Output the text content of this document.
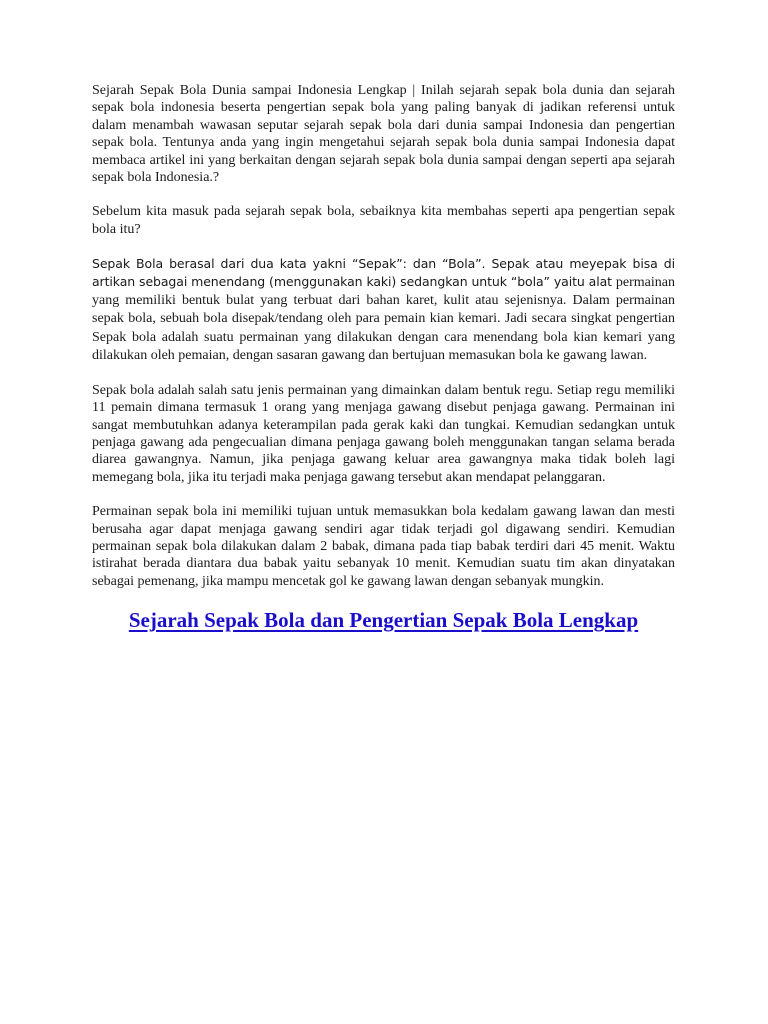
Sejarah Sepak Bola Dunia sampai Indonesia Lengkap | Inilah sejarah sepak bola dunia dan sejarah sepak bola indonesia beserta pengertian sepak bola yang paling banyak di jadikan referensi untuk dalam menambah wawasan seputar sejarah sepak bola dari dunia sampai Indonesia dan pengertian sepak bola. Tentunya anda yang ingin mengetahui sejarah sepak bola dunia sampai Indonesia dapat membaca artikel ini yang berkaitan dengan sejarah sepak bola dunia sampai dengan seperti apa sejarah sepak bola Indonesia.?

Sebelum kita masuk pada sejarah sepak bola, sebaiknya kita membahas seperti apa pengertian sepak bola itu?

Sepak Bola berasal dari dua kata yakni “Sepak”: dan “Bola”. Sepak atau meyepak bisa di artikan sebagai menendang (menggunakan kaki) sedangkan untuk “bola” yaitu alat permainan yang memiliki bentuk bulat yang terbuat dari bahan karet, kulit atau sejenisnya. Dalam permainan sepak bola, sebuah bola disepak/tendang oleh para pemain kian kemari. Jadi secara singkat pengertian Sepak bola adalah suatu permainan yang dilakukan dengan cara menendang bola kian kemari yang dilakukan oleh pemaian, dengan sasaran gawang dan bertujuan memasukan bola ke gawang lawan.

Sepak bola adalah salah satu jenis permainan yang dimainkan dalam bentuk regu. Setiap regu memiliki 11 pemain dimana termasuk 1 orang yang menjaga gawang disebut penjaga gawang. Permainan ini sangat membutuhkan adanya keterampilan pada gerak kaki dan tungkai. Kemudian sedangkan untuk penjaga gawang ada pengecualian dimana penjaga gawang boleh menggunakan tangan selama berada diarea gawangnya. Namun, jika penjaga gawang keluar area gawangnya maka tidak boleh lagi memegang bola, jika itu terjadi maka penjaga gawang tersebut akan mendapat pelanggaran.

Permainan sepak bola ini memiliki tujuan untuk memasukkan bola kedalam gawang lawan dan mesti berusaha agar dapat menjaga gawang sendiri agar tidak terjadi gol digawang sendiri. Kemudian permainan sepak bola dilakukan dalam 2 babak, dimana pada tiap babak terdiri dari 45 menit. Waktu istirahat berada diantara dua babak yaitu sebanyak 10 menit. Kemudian suatu tim akan dinyatakan sebagai pemenang, jika mampu mencetak gol ke gawang lawan dengan sebanyak mungkin.

Sejarah Sepak Bola dan Pengertian Sepak Bola Lengkap
